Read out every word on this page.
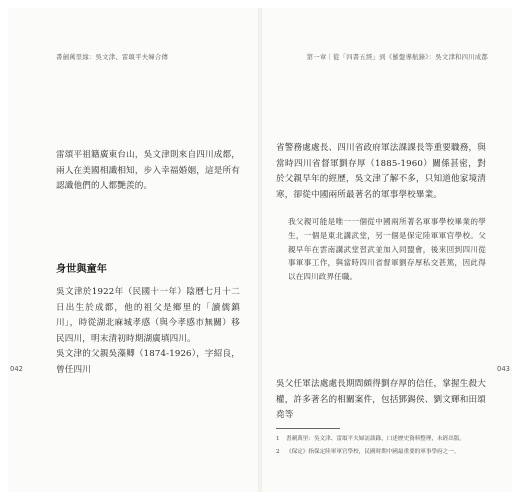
書劍萬里緣：吳文津、雷頌平夫婦合傳

雷頌平祖籍廣東台山，吳文津則來自四川成都，兩人在美國相識相知，步入幸福婚姻，這是所有認識他們的人都艷羨的。

身世與童年

吳文津於1922年（民國十一年）陰曆七月十二日出生於成都，他的祖父是鄉里的「讀儒鎮川」，時從湖北麻城孝感（與今孝感市無關）移民四川，明末清初時期湖廣填四川。

吳文津的父親吳藻卿（1874-1926），字紹良，曾任四川

042
第一章｜從「四書五經」到《羅盤導航錄》：吳文津和四川成都

省警務處處長、四川省政府軍法課課長等重要職務，與當時四川省督軍劉存厚（1885-1960）關係甚密，對於父親早年的經歷，吳文津了解不多，只知道他家境清寒，卻從中國兩所最著名的軍事學校畢業。

我父親可能是唯一一個從中國兩所著名軍事學校畢業的學生，一個是東北講武堂，另一個是保定陸軍軍官學校。父親早年在雲南講武堂習武並加入同盟會，後來回到四川從事軍事工作，與當時四川省督軍劉存厚私交甚篤，因此得以在四川政界任職。

吳父任軍法處處長期間頗得劉存厚的信任，掌握生殺大權，許多著名的相關案件，包括鄧錫侯、劉文輝和田頌堯等

1	書劍萬里：吳文津、雷頌平夫婦訪談錄，口述歷史資料整理，未經出版。
2	《保定》指保定陸軍軍官學校，民國時期中國最重要的軍事學府之一。
043
